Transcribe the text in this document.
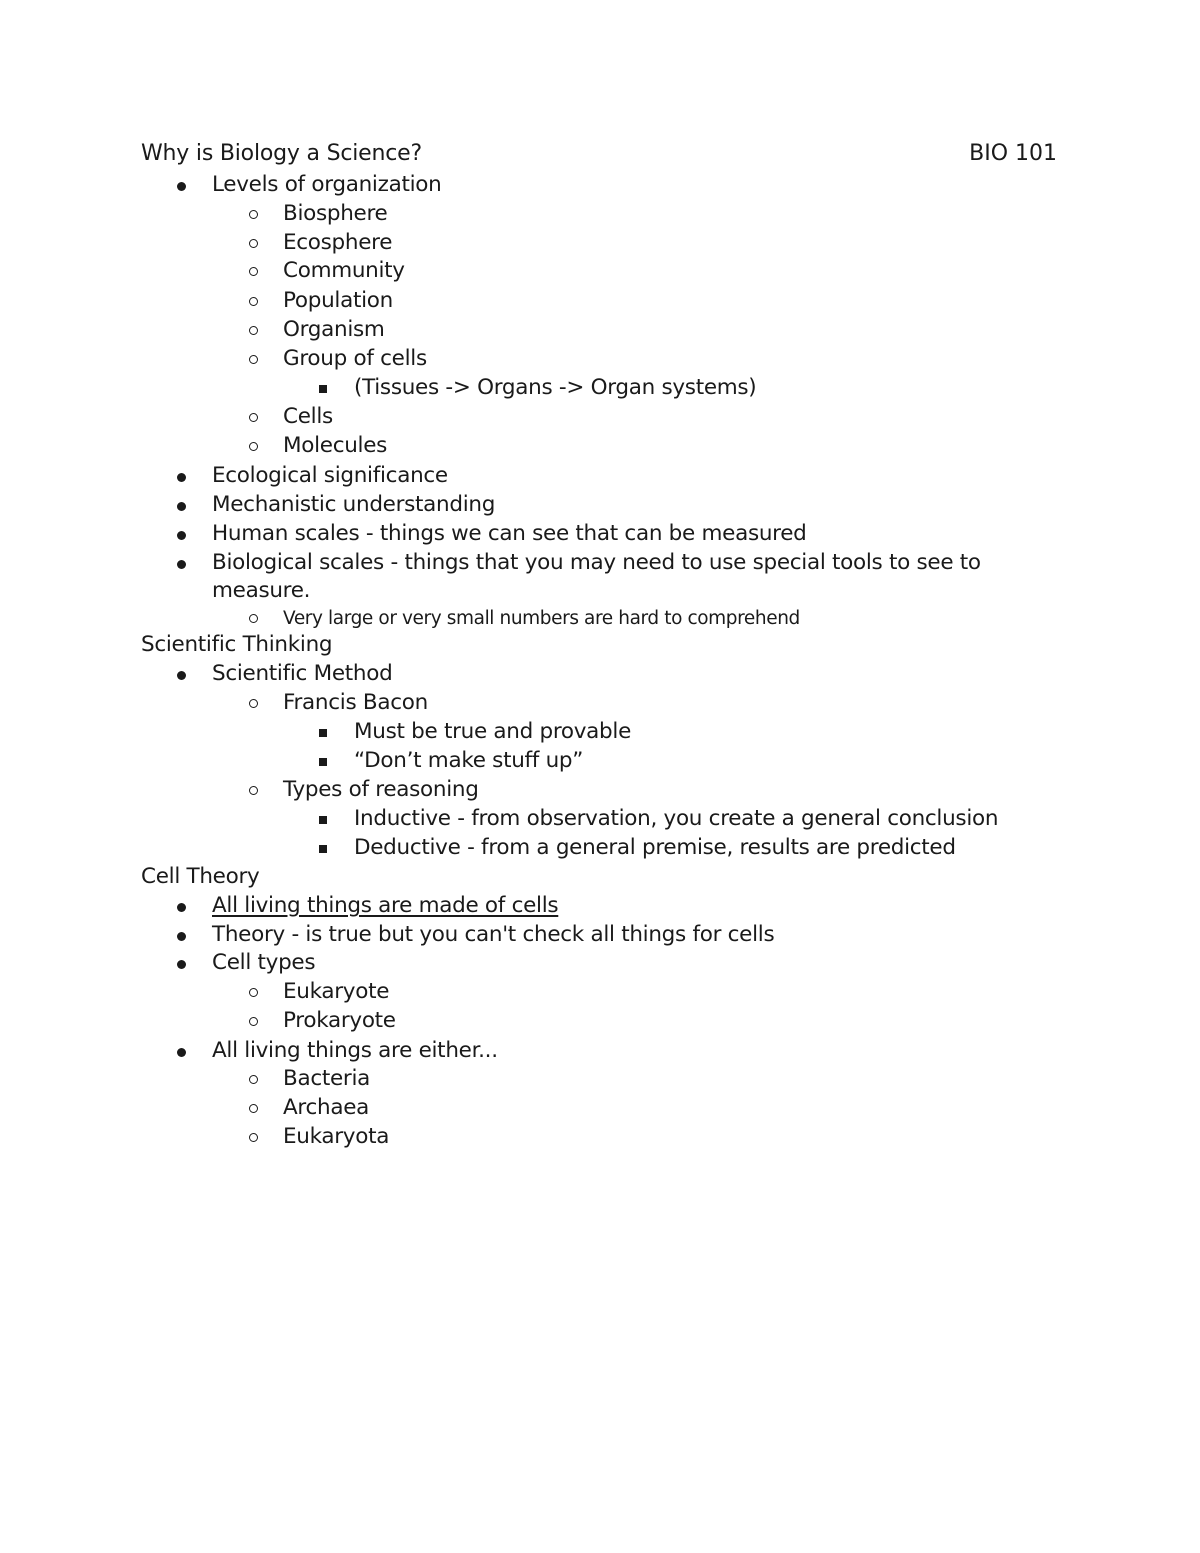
Why is Biology a Science?	BIO 101
Levels of organization
Biosphere
Ecosphere
Community
Population
Organism
Group of cells
(Tissues -> Organs -> Organ systems)
Cells
Molecules
Ecological significance
Mechanistic understanding
Human scales - things we can see that can be measured
Biological scales - things that you may need to use special tools to see to
measure.
Very large or very small numbers are hard to comprehend
Scientific Thinking
Scientific Method
Francis Bacon
Must be true and provable
“Don’t make stuff up”
Types of reasoning
Inductive - from observation, you create a general conclusion
Deductive - from a general premise, results are predicted
Cell Theory
All living things are made of cells
Theory - is true but you can't check all things for cells
Cell types
Eukaryote
Prokaryote
All living things are either...
Bacteria
Archaea
Eukaryota
